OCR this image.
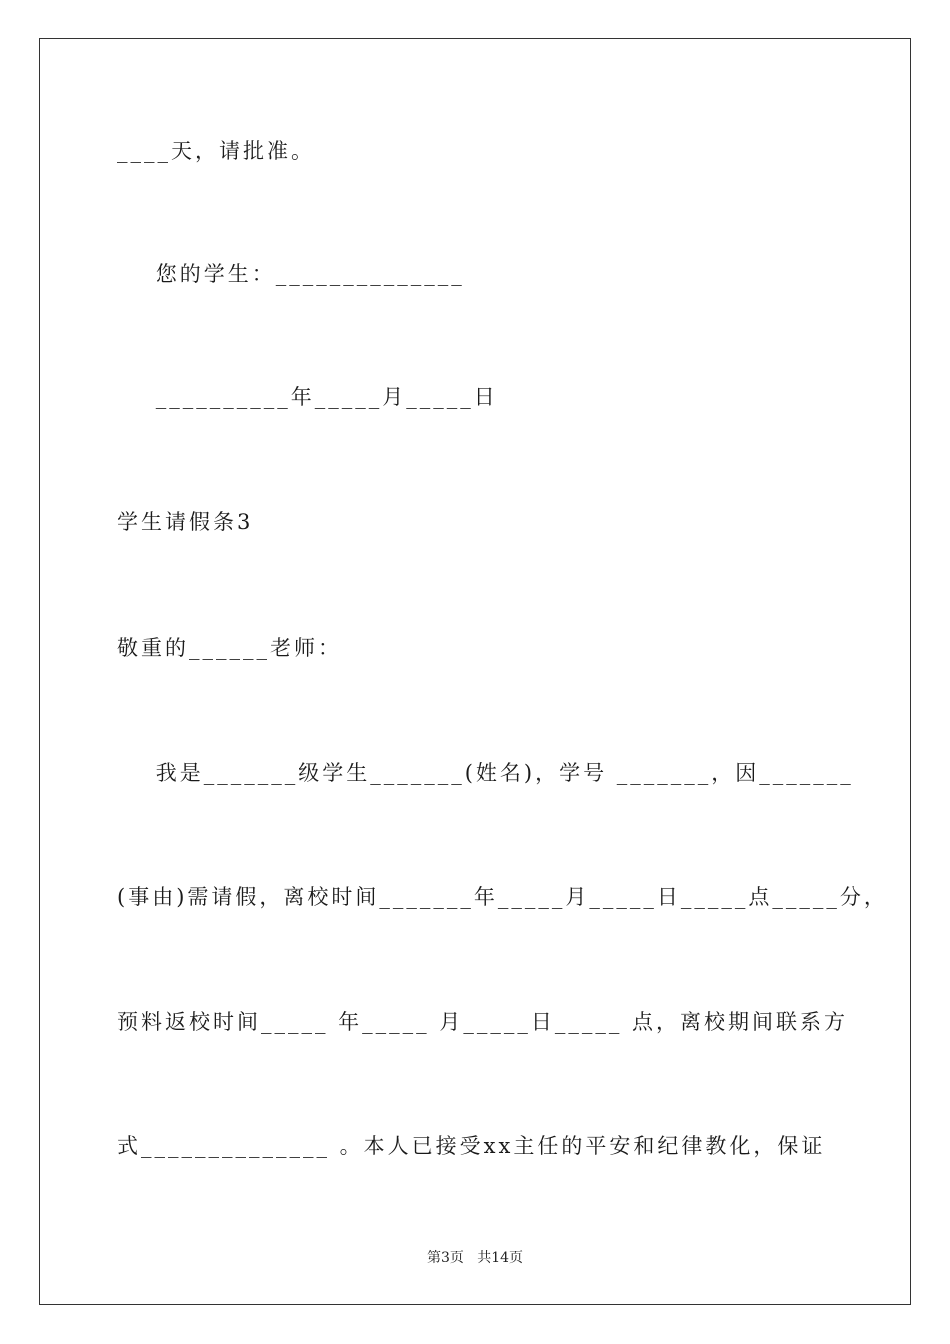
____天，请批准。
您的学生：______________
__________年_____月_____日
学生请假条3
敬重的______老师：
我是_______级学生_______(姓名)，学号 _______，因_______
(事由)需请假，离校时间_______年_____月_____日_____点_____分，
预料返校时间_____ 年_____ 月_____日_____ 点，离校期间联系方
式______________ 。本人已接受xx主任的平安和纪律教化，保证
第3页   共14页
